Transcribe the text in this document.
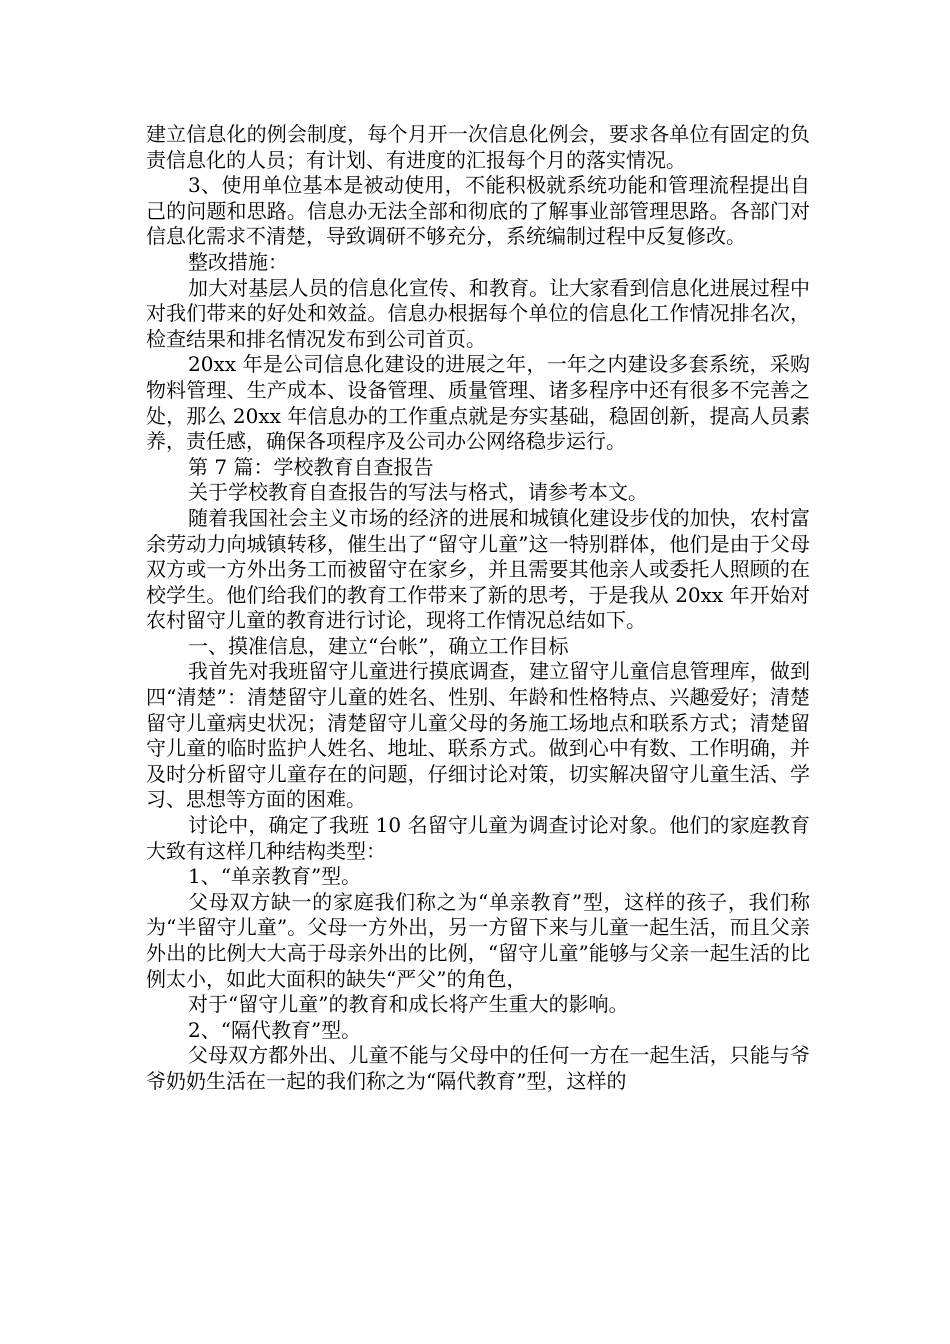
建立信息化的例会制度，每个月开一次信息化例会，要求各单位有固定的负责信息化的人员；有计划、有进度的汇报每个月的落实情况。

3、使用单位基本是被动使用，不能积极就系统功能和管理流程提出自己的问题和思路。信息办无法全部和彻底的了解事业部管理思路。各部门对信息化需求不清楚，导致调研不够充分，系统编制过程中反复修改。

整改措施：

加大对基层人员的信息化宣传、和教育。让大家看到信息化进展过程中对我们带来的好处和效益。信息办根据每个单位的信息化工作情况排名次，检查结果和排名情况发布到公司首页。

20xx 年是公司信息化建设的进展之年，一年之内建设多套系统，采购物料管理、生产成本、设备管理、质量管理、诸多程序中还有很多不完善之处，那么 20xx 年信息办的工作重点就是夯实基础，稳固创新，提高人员素养，责任感，确保各项程序及公司办公网络稳步运行。

第 7 篇：学校教育自查报告

关于学校教育自查报告的写法与格式，请参考本文。

随着我国社会主义市场的经济的进展和城镇化建设步伐的加快，农村富余劳动力向城镇转移，催生出了“留守儿童”这一特别群体，他们是由于父母双方或一方外出务工而被留守在家乡，并且需要其他亲人或委托人照顾的在校学生。他们给我们的教育工作带来了新的思考，于是我从 20xx 年开始对农村留守儿童的教育进行讨论，现将工作情况总结如下。

一、摸准信息，建立“台帐”，确立工作目标

我首先对我班留守儿童进行摸底调查，建立留守儿童信息管理库，做到四“清楚”：清楚留守儿童的姓名、性别、年龄和性格特点、兴趣爱好；清楚留守儿童病史状况；清楚留守儿童父母的务施工场地点和联系方式；清楚留守儿童的临时监护人姓名、地址、联系方式。做到心中有数、工作明确，并及时分析留守儿童存在的问题，仔细讨论对策，切实解决留守儿童生活、学习、思想等方面的困难。

讨论中，确定了我班 10 名留守儿童为调查讨论对象。他们的家庭教育大致有这样几种结构类型：

1、“单亲教育”型。

父母双方缺一的家庭我们称之为“单亲教育”型，这样的孩子，我们称为“半留守儿童”。父母一方外出，另一方留下来与儿童一起生活，而且父亲外出的比例大大高于母亲外出的比例，“留守儿童”能够与父亲一起生活的比例太小，如此大面积的缺失“严父”的角色，

对于“留守儿童”的教育和成长将产生重大的影响。

2、“隔代教育”型。

父母双方都外出、儿童不能与父母中的任何一方在一起生活，只能与爷爷奶奶生活在一起的我们称之为“隔代教育”型，这样的
